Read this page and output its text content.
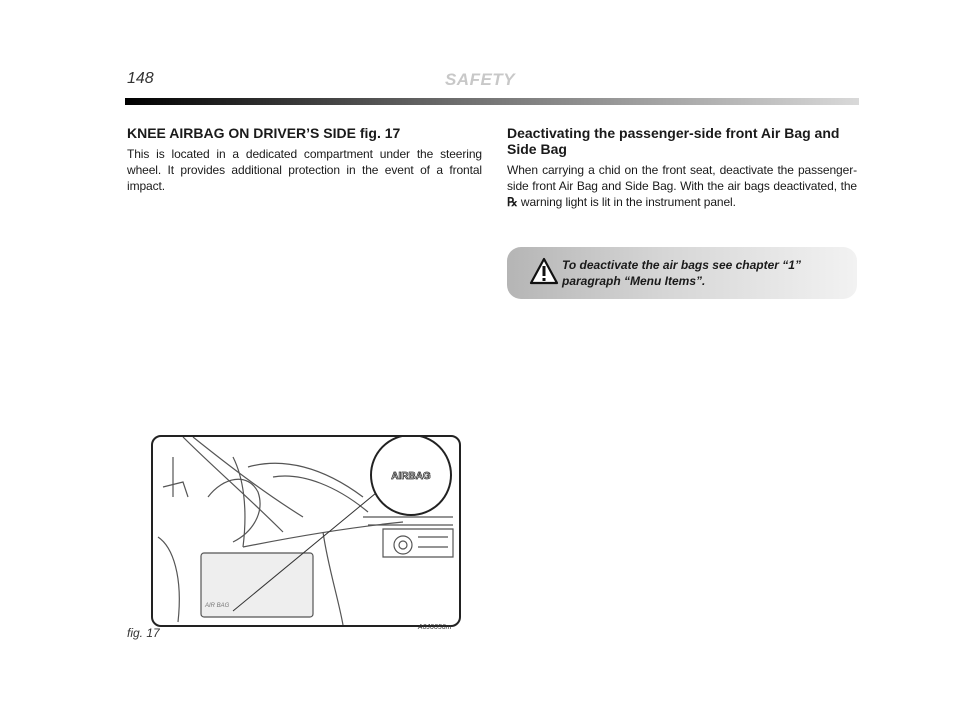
148	SAFETY
KNEE AIRBAG ON DRIVER’S SIDE fig. 17

This is located in a dedicated compartment under the steering wheel. It provides additional protection in the event of a frontal impact.

Deactivating the passenger-side front Air Bag and Side Bag

When carrying a chid on the front seat, deactivate the passenger-side front Air Bag and Side Bag. With the air bags deactivated, the ℞ warning light is lit in the instrument panel.

To deactivate the air bags see chapter “1” paragraph “Menu Items”.
AIRBAG
AIR BAG
fig. 17	A0J0056m
